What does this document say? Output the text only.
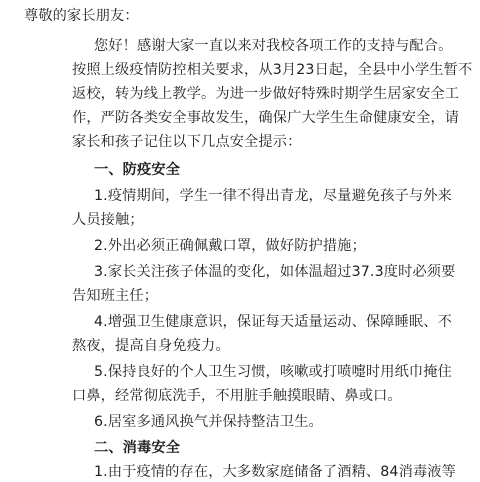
尊敬的家长朋友：
您好！感谢大家一直以来对我校各项工作的支持与配合。
按照上级疫情防控相关要求，从3月23日起，全县中小学生暂不
返校，转为线上教学。为进一步做好特殊时期学生居家安全工
作，严防各类安全事故发生，确保广大学生生命健康安全，请
家长和孩子记住以下几点安全提示：
一、防疫安全
1.疫情期间，学生一律不得出青龙，尽量避免孩子与外来
人员接触；
2.外出必须正确佩戴口罩，做好防护措施；
3.家长关注孩子体温的变化，如体温超过37.3度时必须要
告知班主任；
4.增强卫生健康意识，保证每天适量运动、保障睡眠、不
熬夜，提高自身免疫力。
5.保持良好的个人卫生习惯，咳嗽或打喷嚏时用纸巾掩住
口鼻，经常彻底洗手，不用脏手触摸眼睛、鼻或口。
6.居室多通风换气并保持整洁卫生。
二、消毒安全
1.由于疫情的存在，大多数家庭储备了酒精、84消毒液等
